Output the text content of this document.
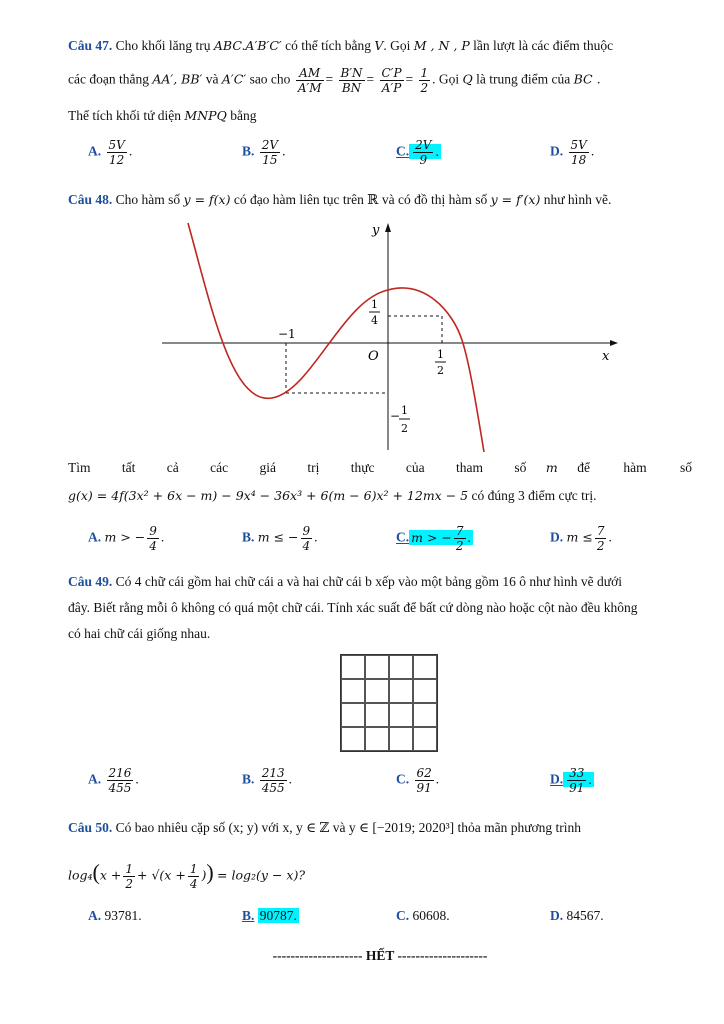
Câu 47. Cho khối lăng trụ ABC.A′B′C′ có thể tích bằng V. Gọi M , N , P lần lượt là các điểm thuộc
các đoạn thẳng AA′, BB′ và A′C′ sao cho $\frac{AM}{A'M} = \frac{B'N}{BN} = \frac{C'P}{A'P} = \frac{1}{2}$ . Gọi Q là trung điểm của BC .
Thể tích khối tứ diện MNPQ bằng
A. $\frac{5V}{12}$ .	B. $\frac{2V}{15}$ .	C. $\frac{2V}{9}$ .	D. $\frac{5V}{18}$ .
Câu 48. Cho hàm số y = f(x) có đạo hàm liên tục trên ℝ và có đồ thị hàm số y = f′(x) như hình vẽ.
x
y
O
−1
1
4
1
2
− 1
2
Tìm tất cả các giá trị thực của tham số m để hàm số
g(x) = 4f(3x² + 6x − m) − 9x⁴ − 36x³ + 6(m − 6)x² + 12mx − 5 có đúng 3 điểm cực trị.
A. m > − $\frac{9}{4}$ .	B. m ≤ − $\frac{9}{4}$ .	C. m > − $\frac{7}{2}$ .	D. $m \le \frac{7}{2}$ .
Câu 49. Có 4 chữ cái gồm hai chữ cái a và hai chữ cái b xếp vào một bảng gồm 16 ô như hình vẽ dưới
đây. Biết rằng mỗi ô không có quá một chữ cái. Tính xác suất để bất cứ dòng nào hoặc cột nào đều không
có hai chữ cái giống nhau.
A. $\frac{216}{455}$ .	B. $\frac{213}{455}$ .	C. $\frac{62}{91}$ .	D. $\frac{33}{91}$ .
Câu 50. Có bao nhiêu cặp số (x; y) với x, y ∈ ℤ và y ∈ [−2019; 2020³] thỏa mãn phương trình
$\log_4(x + \frac{1}{2} + √(x + \frac{1}{4}$ )) = log₂(y − x)?
A. 93781.	B. 90787.	C. 60608.	D. 84567.
-------------------- HẾT --------------------
